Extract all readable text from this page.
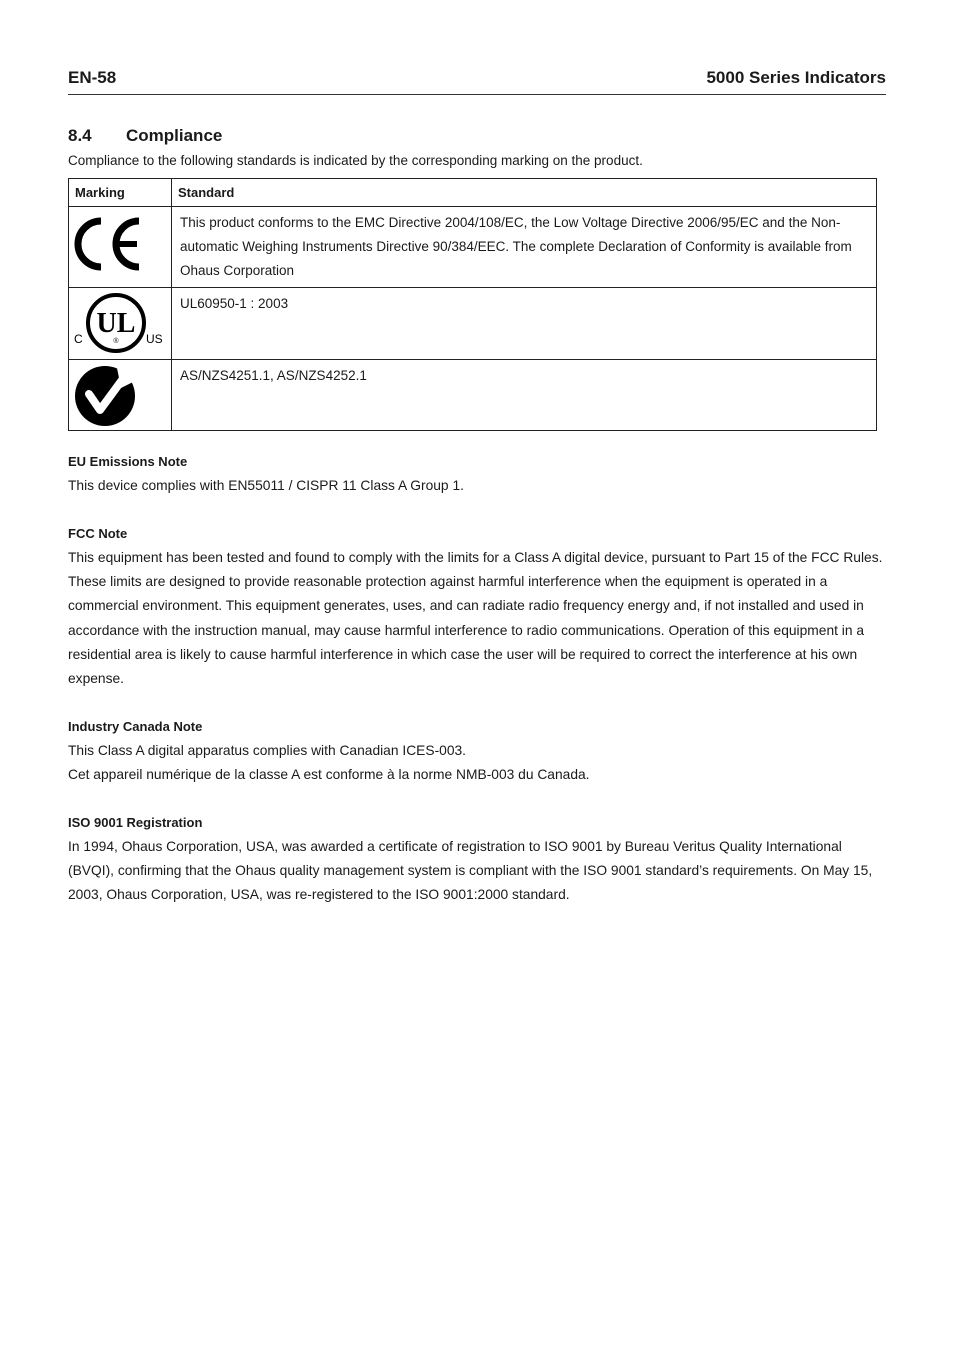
EN-58	5000 Series Indicators
8.4 Compliance
Compliance to the following standards is indicated by the corresponding marking on the product.
Marking	Standard

	This product conforms to the EMC Directive 2004/108/EC, the Low Voltage Directive 2006/95/EC and the Non-automatic Weighing Instruments Directive 90/384/EEC. The complete Declaration of Conformity is available from Ohaus Corporation

UL
®
C US	UL60950-1 : 2003

	AS/NZS4251.1, AS/NZS4252.1

EU Emissions Note

This device complies with EN55011 / CISPR 11 Class A Group 1.

FCC Note

This equipment has been tested and found to comply with the limits for a Class A digital device, pursuant to Part 15 of the FCC Rules. These limits are designed to provide reasonable protection against harmful interference when the equipment is operated in a commercial environment. This equipment generates, uses, and can radiate radio frequency energy and, if not installed and used in accordance with the instruction manual, may cause harmful interference to radio communications. Operation of this equipment in a residential area is likely to cause harmful interference in which case the user will be required to correct the interference at his own expense.

Industry Canada Note

This Class A digital apparatus complies with Canadian ICES-003.

Cet appareil numérique de la classe A est conforme à la norme NMB-003 du Canada.

ISO 9001 Registration

In 1994, Ohaus Corporation, USA, was awarded a certificate of registration to ISO 9001 by Bureau Veritus Quality International (BVQI), confirming that the Ohaus quality management system is compliant with the ISO 9001 standard’s requirements. On May 15, 2003, Ohaus Corporation, USA, was re-registered to the ISO 9001:2000 standard.
